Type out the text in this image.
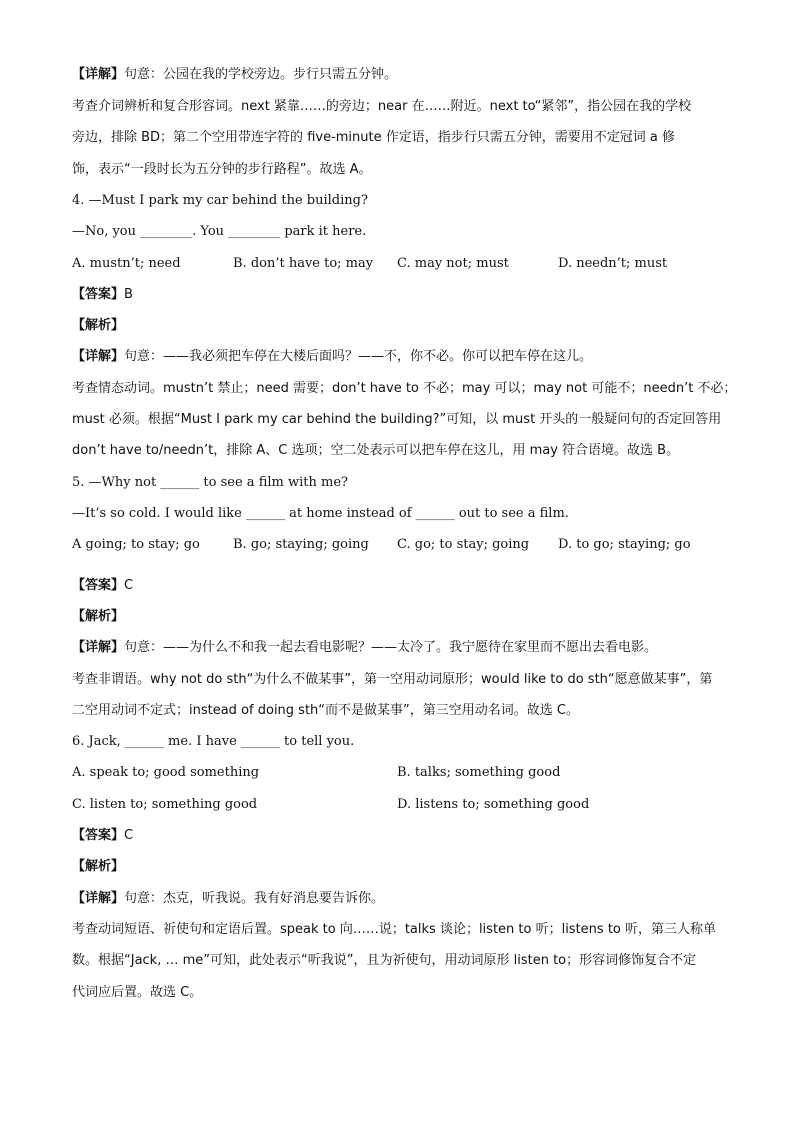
【详解】句意：公园在我的学校旁边。步行只需五分钟。
考查介词辨析和复合形容词。next 紧靠……的旁边；near 在……附近。next to“紧邻”，指公园在我的学校
旁边，排除 BD；第二个空用带连字符的 five-minute 作定语，指步行只需五分钟，需要用不定冠词 a 修
饰，表示“一段时长为五分钟的步行路程”。故选 A。
4. —Must I park my car behind the building?
—No, you ________. You ________ park it here.
A. mustn’t; need	B. don’t have to; may C. may not; must	D. needn’t; must
【答案】B
【解析】
【详解】句意：——我必须把车停在大楼后面吗？——不，你不必。你可以把车停在这儿。
考查情态动词。mustn’t 禁止；need 需要；don’t have to 不必；may 可以；may not 可能不；needn’t 不必；
must 必须。根据“Must I park my car behind the building?”可知，以 must 开头的一般疑问句的否定回答用
don’t have to/needn’t，排除 A、C 选项；空二处表示可以把车停在这儿，用 may 符合语境。故选 B。
5. —Why not ______ to see a film with me?
—It’s so cold. I would like ______ at home instead of ______ out to see a film.
A going; to stay; go	B. go; staying; going C. go; to stay; going D. to go; staying; go
【答案】C
【解析】
【详解】句意：——为什么不和我一起去看电影呢？——太冷了。我宁愿待在家里而不愿出去看电影。
考查非谓语。why not do sth“为什么不做某事”，第一空用动词原形；would like to do sth“愿意做某事”，第
二空用动词不定式；instead of doing sth“而不是做某事”，第三空用动名词。故选 C。
6. Jack, ______ me. I have ______ to tell you.
A. speak to; good something	B. talks; something good
C. listen to; something good	D. listens to; something good
【答案】C
【解析】
【详解】句意：杰克，听我说。我有好消息要告诉你。
考查动词短语、祈使句和定语后置。speak to 向……说；talks 谈论；listen to 听；listens to 听，第三人称单
数。根据“Jack, … me”可知，此处表示“听我说”，且为祈使句，用动词原形 listen to；形容词修饰复合不定
代词应后置。故选 C。
